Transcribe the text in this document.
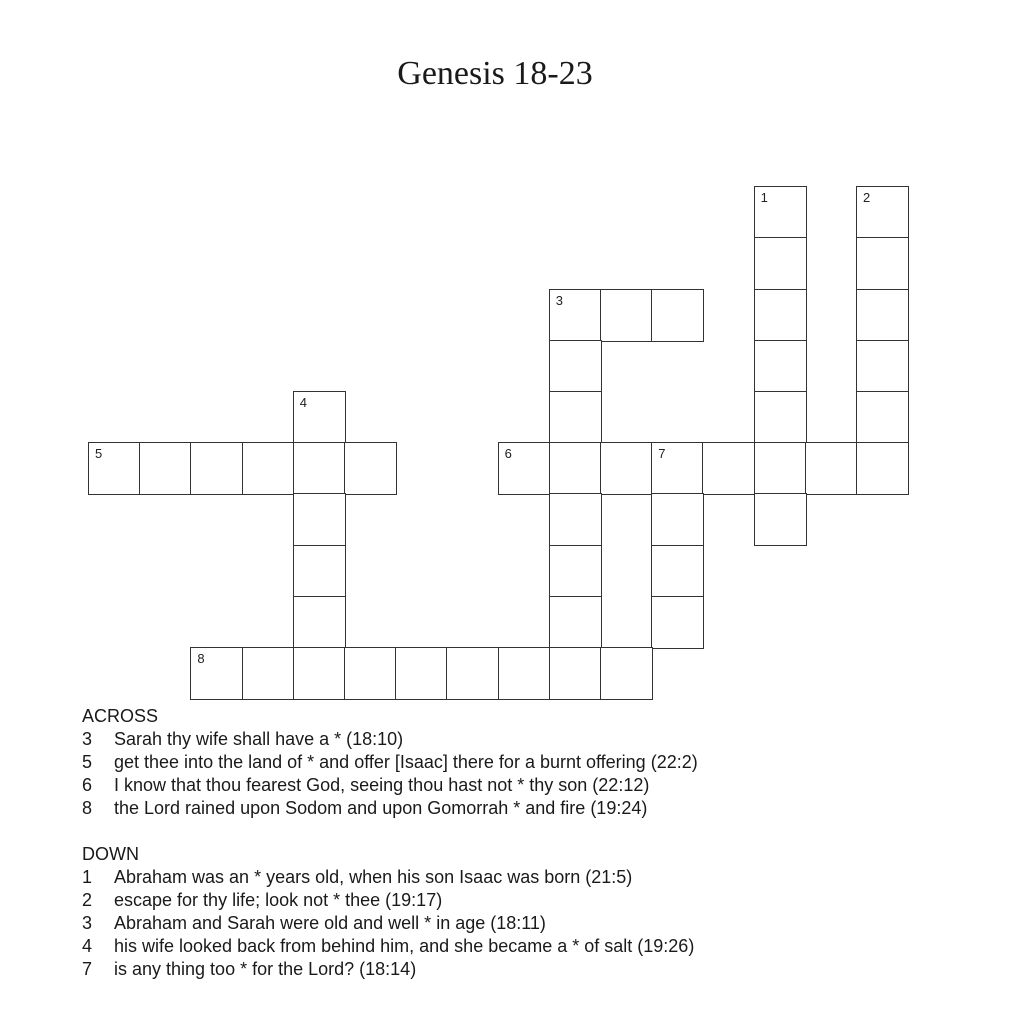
Genesis 18-23
1	2
3
4
5	6	7
8
ACROSS
3 Sarah thy wife shall have a * (18:10)
5 get thee into the land of * and offer [Isaac] there for a burnt offering (22:2)
6 I know that thou fearest God, seeing thou hast not * thy son (22:12)
8 the Lord rained upon Sodom and upon Gomorrah * and fire (19:24)
DOWN
1 Abraham was an * years old, when his son Isaac was born (21:5)
2 escape for thy life; look not * thee (19:17)
3 Abraham and Sarah were old and well * in age (18:11)
4 his wife looked back from behind him, and she became a * of salt (19:26)
7 is any thing too * for the Lord? (18:14)
